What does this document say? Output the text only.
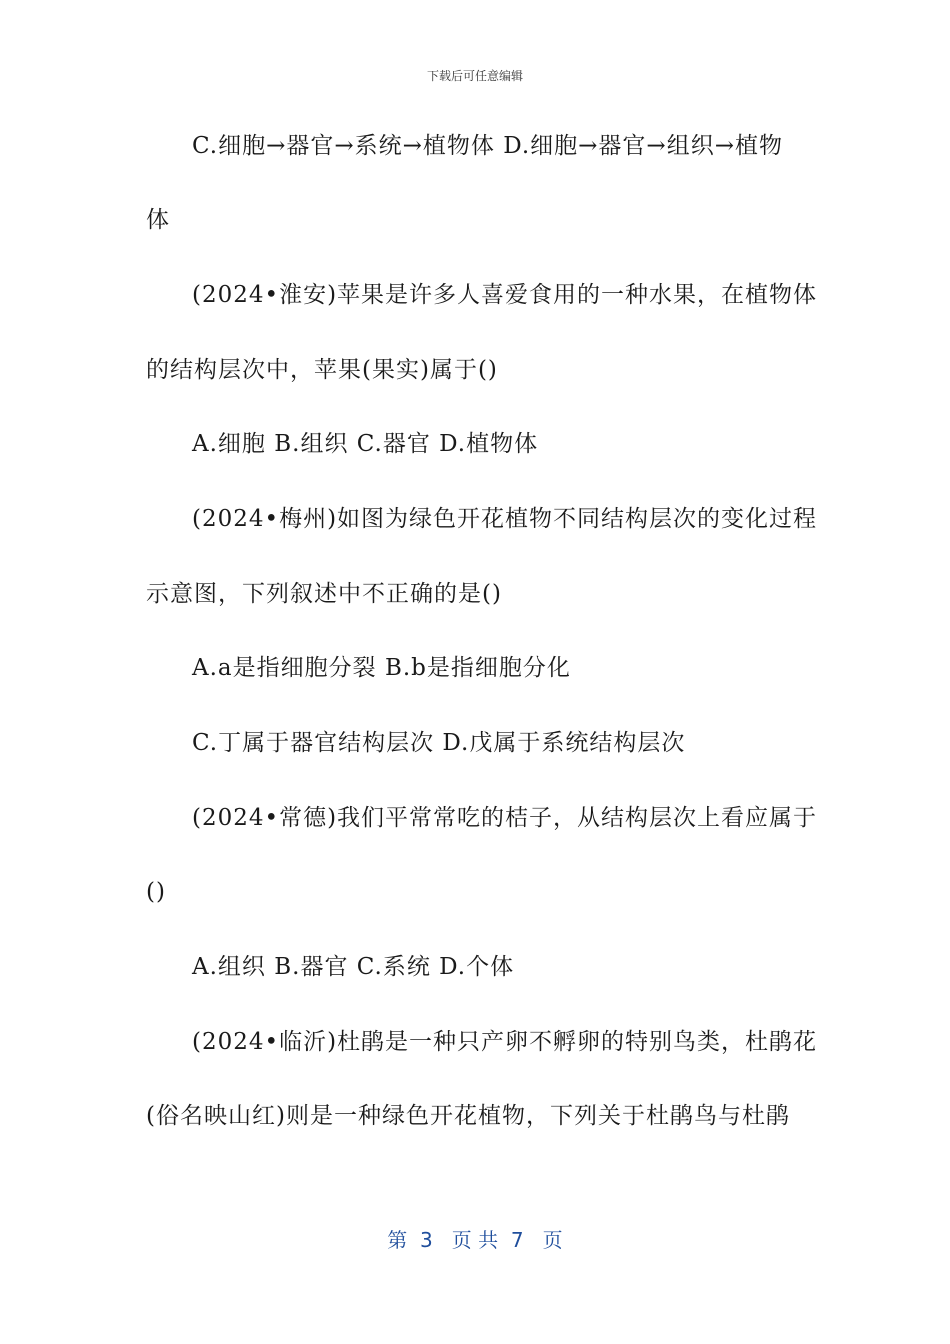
下载后可任意编辑
C.细胞→器官→系统→植物体 D.细胞→器官→组织→植物
体
(2024•淮安)苹果是许多人喜爱食用的一种水果，在植物体
的结构层次中，苹果(果实)属于()
A.细胞 B.组织 C.器官 D.植物体
(2024•梅州)如图为绿色开花植物不同结构层次的变化过程
示意图，下列叙述中不正确的是()
A.a是指细胞分裂 B.b是指细胞分化
C.丁属于器官结构层次 D.戊属于系统结构层次
(2024•常德)我们平常常吃的桔子，从结构层次上看应属于
()
A.组织 B.器官 C.系统 D.个体
(2024•临沂)杜鹃是一种只产卵不孵卵的特别鸟类，杜鹃花
(俗名映山红)则是一种绿色开花植物，下列关于杜鹃鸟与杜鹃
第  3   页 共  7   页
